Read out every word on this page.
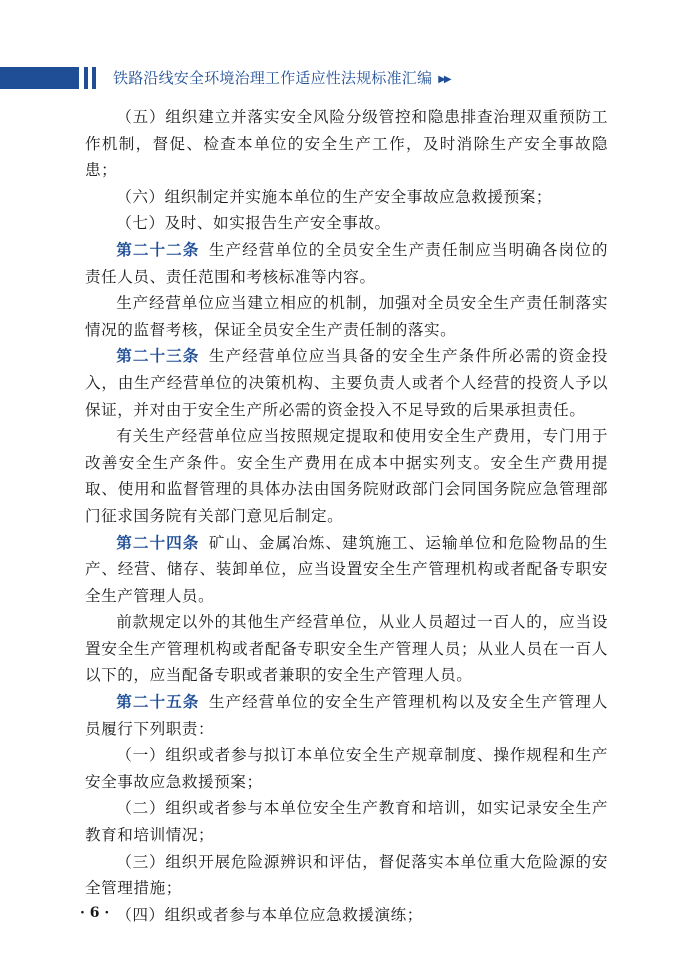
铁路沿线安全环境治理工作适应性法规标准汇编 ▶▶

（五）组织建立并落实安全风险分级管控和隐患排查治理双重预防工作机制，督促、检查本单位的安全生产工作，及时消除生产安全事故隐患；

（六）组织制定并实施本单位的生产安全事故应急救援预案；

（七）及时、如实报告生产安全事故。

第二十二条 生产经营单位的全员安全生产责任制应当明确各岗位的责任人员、责任范围和考核标准等内容。

生产经营单位应当建立相应的机制，加强对全员安全生产责任制落实情况的监督考核，保证全员安全生产责任制的落实。

第二十三条 生产经营单位应当具备的安全生产条件所必需的资金投入，由生产经营单位的决策机构、主要负责人或者个人经营的投资人予以保证，并对由于安全生产所必需的资金投入不足导致的后果承担责任。

有关生产经营单位应当按照规定提取和使用安全生产费用，专门用于改善安全生产条件。安全生产费用在成本中据实列支。安全生产费用提取、使用和监督管理的具体办法由国务院财政部门会同国务院应急管理部门征求国务院有关部门意见后制定。

第二十四条 矿山、金属冶炼、建筑施工、运输单位和危险物品的生产、经营、储存、装卸单位，应当设置安全生产管理机构或者配备专职安全生产管理人员。

前款规定以外的其他生产经营单位，从业人员超过一百人的，应当设置安全生产管理机构或者配备专职安全生产管理人员；从业人员在一百人以下的，应当配备专职或者兼职的安全生产管理人员。

第二十五条 生产经营单位的安全生产管理机构以及安全生产管理人员履行下列职责：

（一）组织或者参与拟订本单位安全生产规章制度、操作规程和生产安全事故应急救援预案；

（二）组织或者参与本单位安全生产教育和培训，如实记录安全生产教育和培训情况；

（三）组织开展危险源辨识和评估，督促落实本单位重大危险源的安全管理措施；

（四）组织或者参与本单位应急救援演练；

· 6 ·
